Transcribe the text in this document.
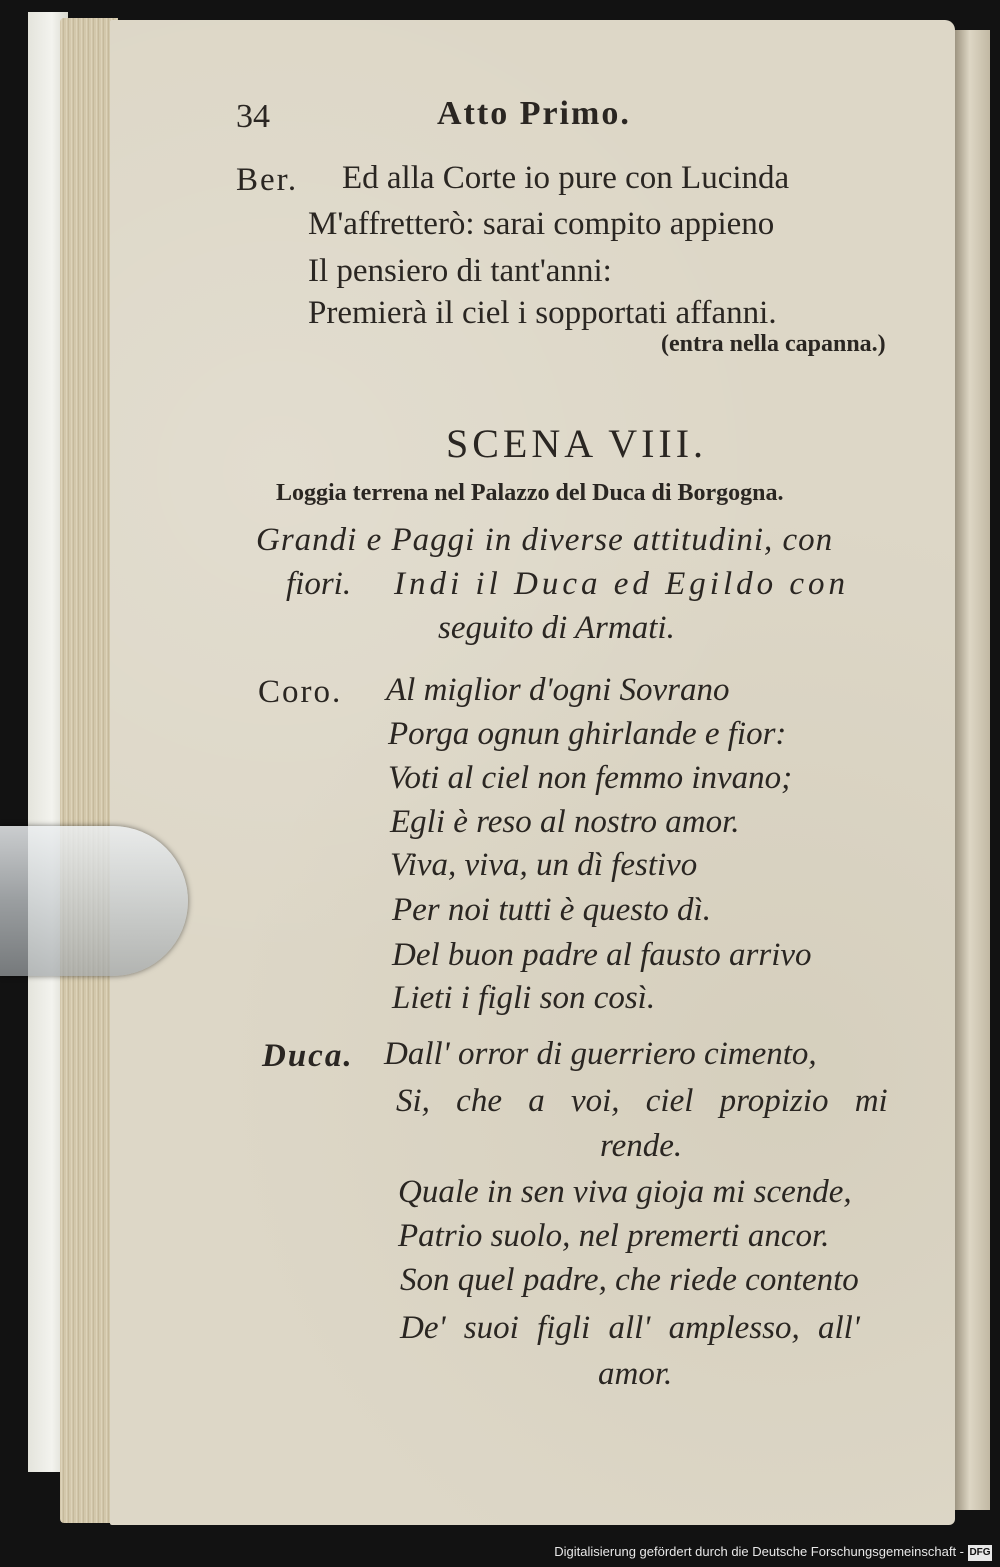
34	Atto Primo.
Ber. Ed alla Corte io pure con Lucinda
M'affretterò: sarai compito appieno
Il pensiero di tant'anni:
Premierà il ciel i sopportati affanni.
(entra nella capanna.)
SCENA VIII.
Loggia terrena nel Palazzo del Duca di Borgogna.
Grandi e Paggi in diverse attitudini, con
fiori. Indi il Duca ed Egildo con
seguito di Armati.
Coro. Al miglior d'ogni Sovrano
Porga ognun ghirlande e fior:
Voti al ciel non femmo invano;
Egli è reso al nostro amor.
Viva, viva, un dì festivo
Per noi tutti è questo dì.
Del buon padre al fausto arrivo
Lieti i figli son così.
Duca. Dall' orror di guerriero cimento,
Si, che a voi, ciel propizio mi
rende.
Quale in sen viva gioja mi scende,
Patrio suolo, nel premerti ancor.
Son quel padre, che riede contento
De' suoi figli all' amplesso, all'
amor.
Digitalisierung gefördert durch die Deutsche Forschungsgemeinschaft - DFG
